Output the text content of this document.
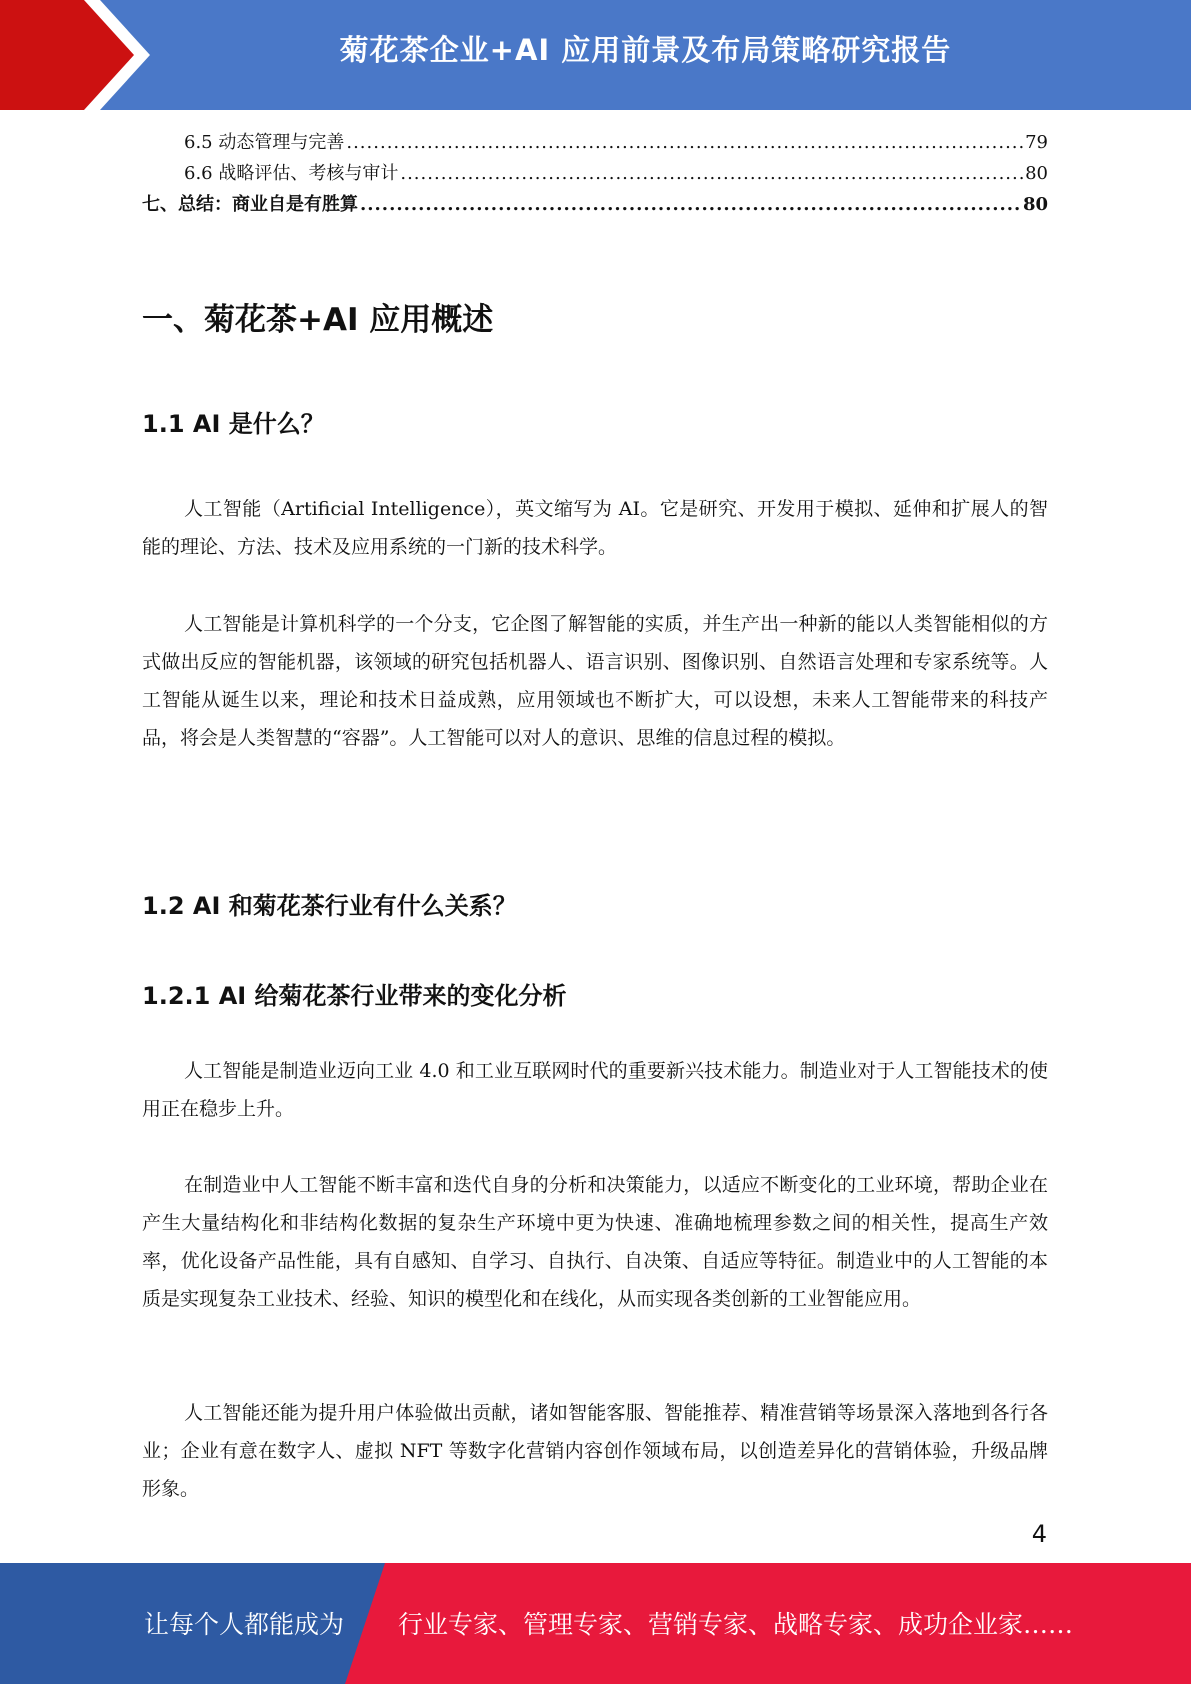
菊花茶企业+AI 应用前景及布局策略研究报告
6.5 动态管理与完善 .....	79
6.6 战略评估、考核与审计 .....	80
七、总结：商业自是有胜算 .....	80
一、菊花茶+AI 应用概述
1.1 AI 是什么？

人工智能（Artificial Intelligence），英文缩写为 AI。它是研究、开发用于模拟、延伸和扩展人的智能的理论、方法、技术及应用系统的一门新的技术科学。

人工智能是计算机科学的一个分支，它企图了解智能的实质，并生产出一种新的能以人类智能相似的方式做出反应的智能机器，该领域的研究包括机器人、语言识别、图像识别、自然语言处理和专家系统等。人工智能从诞生以来，理论和技术日益成熟，应用领域也不断扩大，可以设想，未来人工智能带来的科技产品，将会是人类智慧的“容器”。人工智能可以对人的意识、思维的信息过程的模拟。

1.2 AI 和菊花茶行业有什么关系？
1.2.1 AI 给菊花茶行业带来的变化分析

人工智能是制造业迈向工业 4.0 和工业互联网时代的重要新兴技术能力。制造业对于人工智能技术的使用正在稳步上升。

在制造业中人工智能不断丰富和迭代自身的分析和决策能力，以适应不断变化的工业环境，帮助企业在产生大量结构化和非结构化数据的复杂生产环境中更为快速、准确地梳理参数之间的相关性，提高生产效率，优化设备产品性能，具有自感知、自学习、自执行、自决策、自适应等特征。制造业中的人工智能的本质是实现复杂工业技术、经验、知识的模型化和在线化，从而实现各类创新的工业智能应用。

人工智能还能为提升用户体验做出贡献，诸如智能客服、智能推荐、精准营销等场景深入落地到各行各业；企业有意在数字人、虚拟 NFT 等数字化营销内容创作领域布局，以创造差异化的营销体验，升级品牌形象。

4
让每个人都能成为 行业专家、管理专家、营销专家、战略专家、成功企业家……
